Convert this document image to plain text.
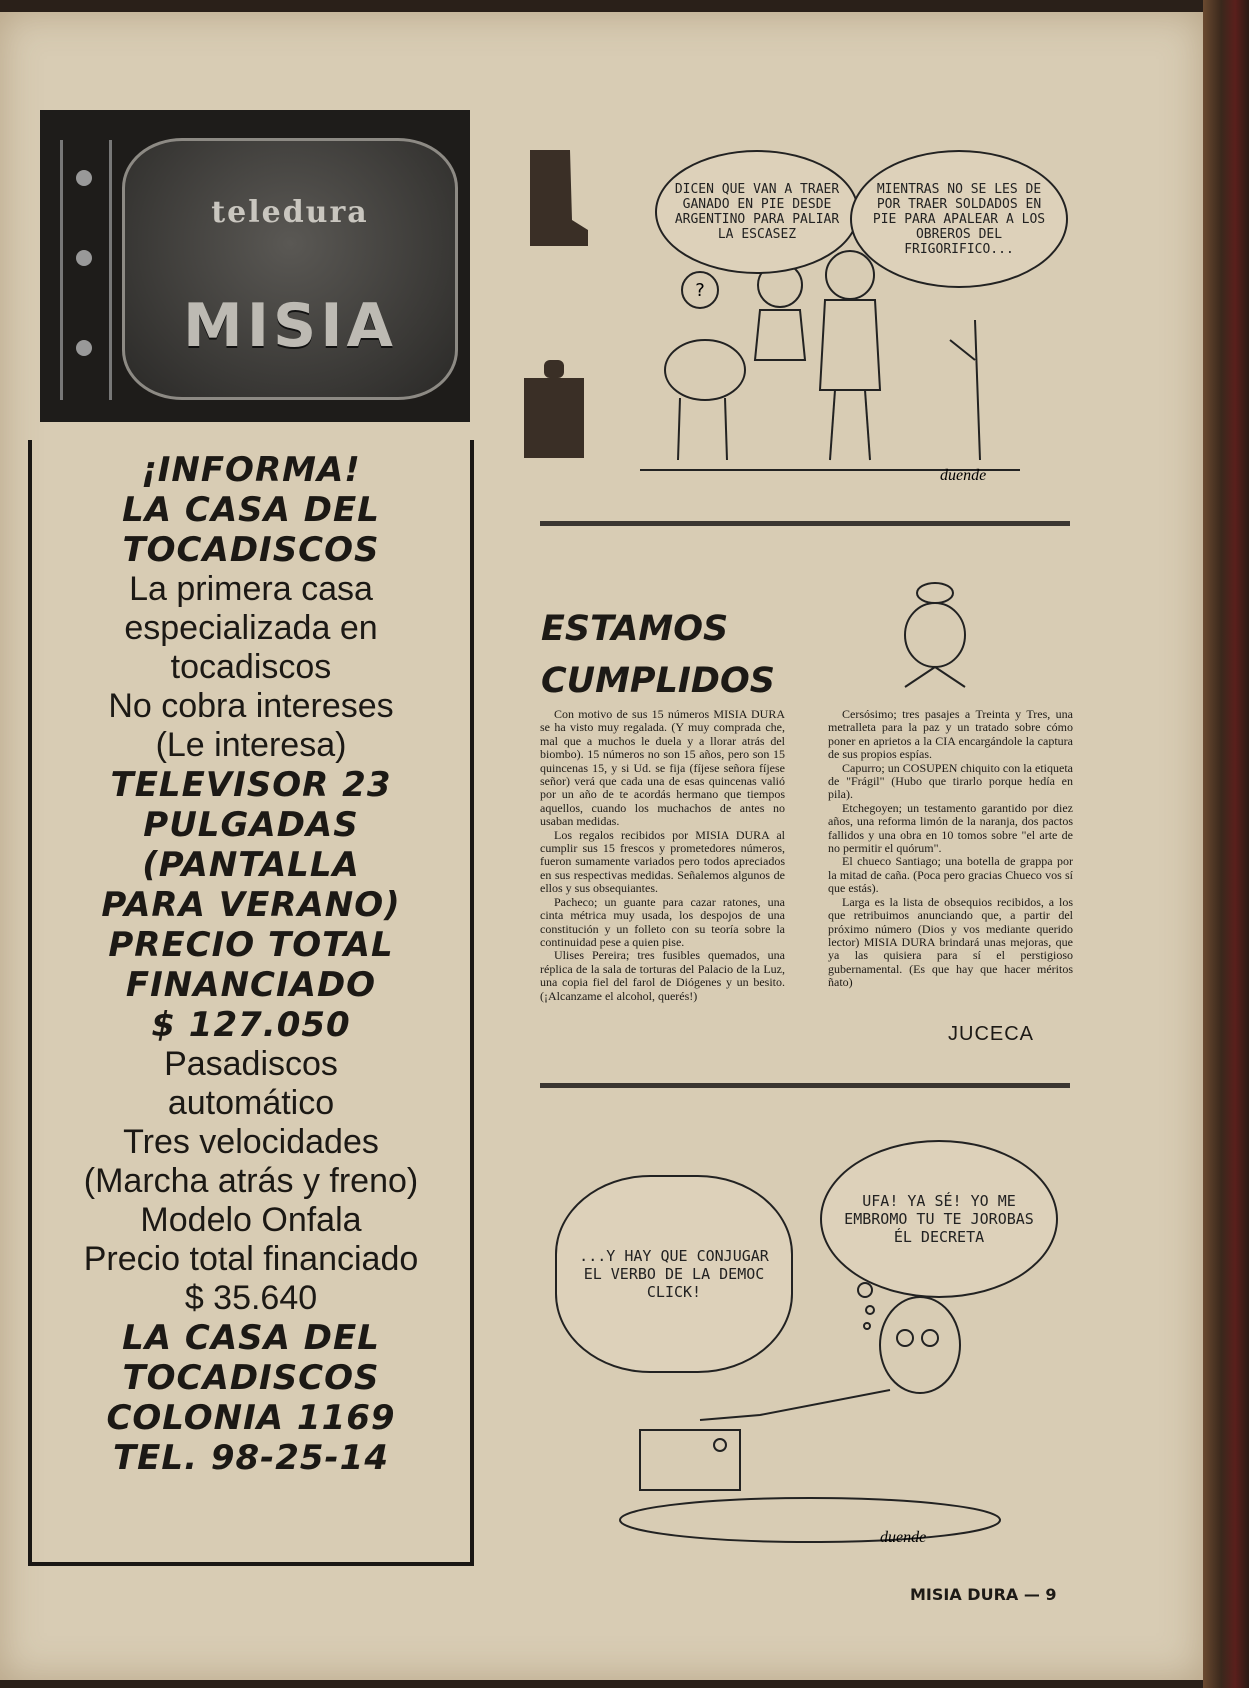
teledura
MISIA
¡INFORMA!
LA CASA DEL
TOCADISCOS
La primera casa
especializada en
tocadiscos
No cobra intereses
(Le interesa)
TELEVISOR 23
PULGADAS
(PANTALLA
PARA VERANO)
PRECIO TOTAL
FINANCIADO
$ 127.050
Pasadiscos
automático
Tres velocidades
(Marcha atrás y freno)
Modelo Onfala
Precio total financiado
$ 35.640
LA CASA DEL
TOCADISCOS
COLONIA 1169
TEL. 98-25-14
?
duende
DICEN QUE VAN A TRAER GANADO EN PIE DESDE ARGENTINO PARA PALIAR LA ESCASEZ
MIENTRAS NO SE LES DE POR TRAER SOLDADOS EN PIE PARA APALEAR A LOS OBREROS DEL FRIGORIFICO...
ESTAMOS
CUMPLIDOS

Con motivo de sus 15 números MISIA DURA se ha visto muy regalada. (Y muy comprada che, mal que a muchos le duela y a llorar atrás del biombo). 15 números no son 15 años, pero son 15 quincenas 15, y si Ud. se fija (fíjese señora fíjese señor) verá que cada una de esas quincenas valió por un año de te acordás hermano que tiempos aquellos, cuando los muchachos de antes no usaban medidas.

Los regalos recibidos por MISIA DURA al cumplir sus 15 frescos y prometedores números, fueron sumamente variados pero todos apreciados en sus respectivas medidas. Señalemos algunos de ellos y sus obsequiantes.

Pacheco; un guante para cazar ratones, una cinta métrica muy usada, los despojos de una constitución y un folleto con su teoría sobre la continuidad pese a quien pise.

Ulises Pereira; tres fusibles quemados, una réplica de la sala de torturas del Palacio de la Luz, una copia fiel del farol de Diógenes y un besito. (¡Alcanzame el alcohol, querés!)

Cersósimo; tres pasajes a Treinta y Tres, una metralleta para la paz y un tratado sobre cómo poner en aprietos a la CIA encargándole la captura de sus propios espías.

Capurro; un COSUPEN chiquito con la etiqueta de "Frágil" (Hubo que tirarlo porque hedía en pila).

Etchegoyen; un testamento garantido por diez años, una reforma limón de la naranja, dos pactos fallidos y una obra en 10 tomos sobre "el arte de no permitir el quórum".

El chueco Santiago; una botella de grappa por la mitad de caña. (Poca pero gracias Chueco vos sí que estás).

Larga es la lista de obsequios recibidos, a los que retribuimos anunciando que, a partir del próximo número (Dios y vos mediante querido lector) MISIA DURA brindará unas mejoras, que ya las quisiera para sí el perstigioso gubernamental. (Es que hay que hacer méritos ñato)

JUCECA
...Y HAY QUE CONJUGAR EL VERBO DE LA DEMOC CLICK!
UFA! YA SÉ! YO ME EMBROMO TU TE JOROBAS ÉL DECRETA
duende
MISIA DURA — 9
